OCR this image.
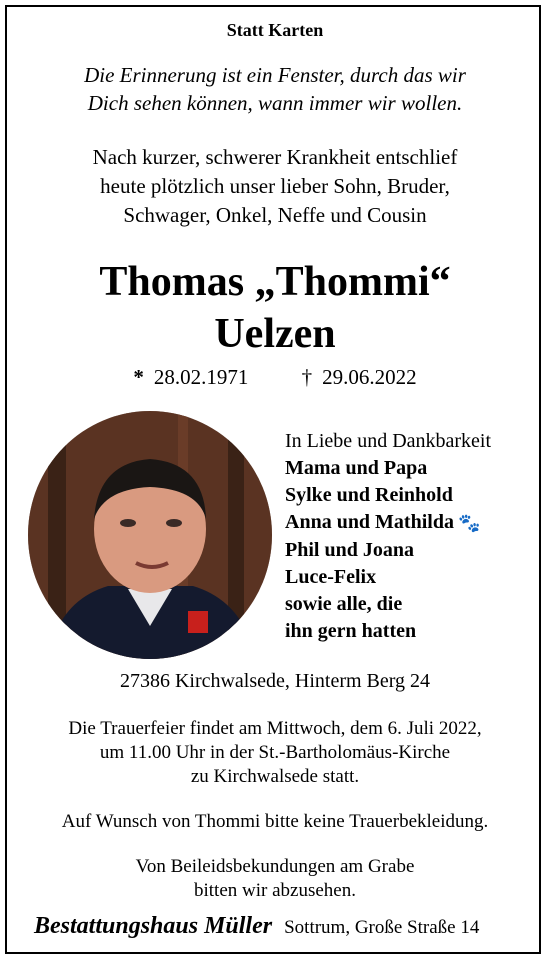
Statt Karten
Die Erinnerung ist ein Fenster, durch das wir
Dich sehen können, wann immer wir wollen.
Nach kurzer, schwerer Krankheit entschlief
heute plötzlich unser lieber Sohn, Bruder,
Schwager, Onkel, Neffe und Cousin
Thomas „Thommi“
Uelzen
* 28.02.1971	† 29.06.2022
In Liebe und Dankbarkeit
Mama und Papa
Sylke und Reinhold
Anna und Mathilda 🐾
Phil und Joana
Luce-Felix
sowie alle, die
ihn gern hatten
27386 Kirchwalsede, Hinterm Berg 24
Die Trauerfeier findet am Mittwoch, dem 6. Juli 2022,
um 11.00 Uhr in der St.-Bartholomäus-Kirche
zu Kirchwalsede statt.
Auf Wunsch von Thommi bitte keine Trauerbekleidung.
Von Beileidsbekundungen am Grabe
bitten wir abzusehen.
Bestattungshaus Müller Sottrum, Große Straße 14
